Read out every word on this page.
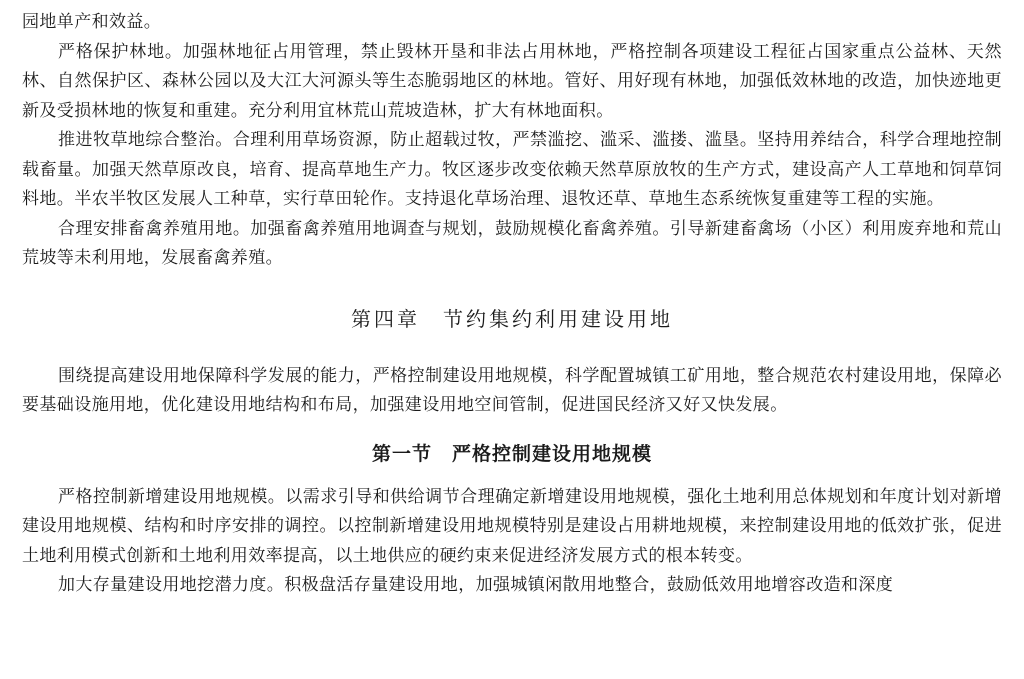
园地单产和效益。

严格保护林地。加强林地征占用管理，禁止毁林开垦和非法占用林地，严格控制各项建设工程征占国家重点公益林、天然林、自然保护区、森林公园以及大江大河源头等生态脆弱地区的林地。管好、用好现有林地，加强低效林地的改造，加快迹地更新及受损林地的恢复和重建。充分利用宜林荒山荒坡造林，扩大有林地面积。

推进牧草地综合整治。合理利用草场资源，防止超载过牧，严禁滥挖、滥采、滥搂、滥垦。坚持用养结合，科学合理地控制载畜量。加强天然草原改良，培育、提高草地生产力。牧区逐步改变依赖天然草原放牧的生产方式，建设高产人工草地和饲草饲料地。半农半牧区发展人工种草，实行草田轮作。支持退化草场治理、退牧还草、草地生态系统恢复重建等工程的实施。

合理安排畜禽养殖用地。加强畜禽养殖用地调查与规划，鼓励规模化畜禽养殖。引导新建畜禽场（小区）利用废弃地和荒山荒坡等未利用地，发展畜禽养殖。

第四章　节约集约利用建设用地

围绕提高建设用地保障科学发展的能力，严格控制建设用地规模，科学配置城镇工矿用地，整合规范农村建设用地，保障必要基础设施用地，优化建设用地结构和布局，加强建设用地空间管制，促进国民经济又好又快发展。

第一节　严格控制建设用地规模

严格控制新增建设用地规模。以需求引导和供给调节合理确定新增建设用地规模，强化土地利用总体规划和年度计划对新增建设用地规模、结构和时序安排的调控。以控制新增建设用地规模特别是建设占用耕地规模，来控制建设用地的低效扩张，促进土地利用模式创新和土地利用效率提高，以土地供应的硬约束来促进经济发展方式的根本转变。

加大存量建设用地挖潜力度。积极盘活存量建设用地，加强城镇闲散用地整合，鼓励低效用地增容改造和深度
